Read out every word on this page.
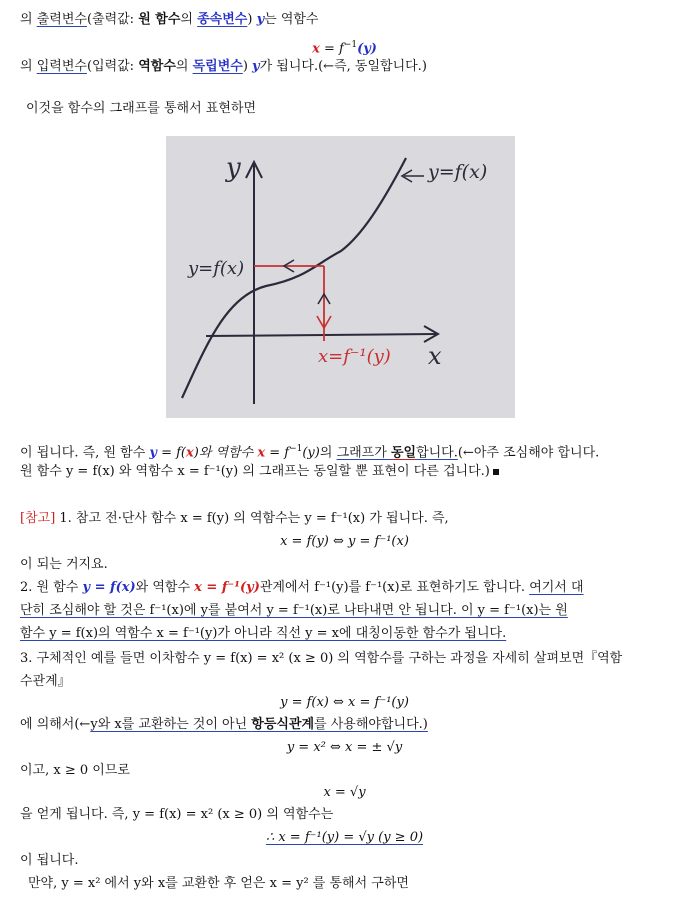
의 출력변수(출력값: 원 함수의 종속변수) y는 역함수
$x = f^{-1}(y)$
의 입력변수(입력값: 역함수의 독립변수) y가 됩니다.(←즉, 동일합니다.)
이것을 함수의 그래프를 통해서 표현하면
y
x
y=f(x)
y=f(x)
x=f⁻¹(y)
이 됩니다. 즉, 원 함수 y = f(x)와 역함수 $x = f^{-1}(y)$의 그래프가 동일합니다.(←아주 조심해야 합니다.
원 함수 y = f(x) 와 역함수 x = f⁻¹(y) 의 그래프는 동일할 뿐 표현이 다른 겁니다.)
[참고] 1. 참고 전·단사 함수 x = f(y) 의 역함수는 y = f⁻¹(x) 가 됩니다. 즉,
x = f(y) ⇔ y = f⁻¹(x)
이 되는 거지요.
2. 원 함수 y = f(x)와 역함수 x = f⁻¹(y)관계에서 f⁻¹(y)를 f⁻¹(x)로 표현하기도 합니다. 여기서 대
단히 조심해야 할 것은 f⁻¹(x)에 y를 붙여서 y = f⁻¹(x)로 나타내면 안 됩니다. 이 y = f⁻¹(x)는 원
함수 y = f(x)의 역함수 x = f⁻¹(y)가 아니라 직선 y = x에 대칭이동한 함수가 됩니다.
3. 구체적인 예를 들면 이차함수 y = f(x) = x² (x ≥ 0) 의 역함수를 구하는 과정을 자세히 살펴보면『역함
수관계』
y = f(x) ⇔ x = f⁻¹(y)
에 의해서(←y와 x를 교환하는 것이 아닌 항등식관계를 사용해야합니다.)
y = x² ⇔ x = ± √y
이고, x ≥ 0 이므로
x = √y
을 얻게 됩니다. 즉, y = f(x) = x² (x ≥ 0) 의 역함수는
∴ x = f⁻¹(y) = √y (y ≥ 0)
이 됩니다.
만약, y = x² 에서 y와 x를 교환한 후 얻은 x = y² 를 통해서 구하면
